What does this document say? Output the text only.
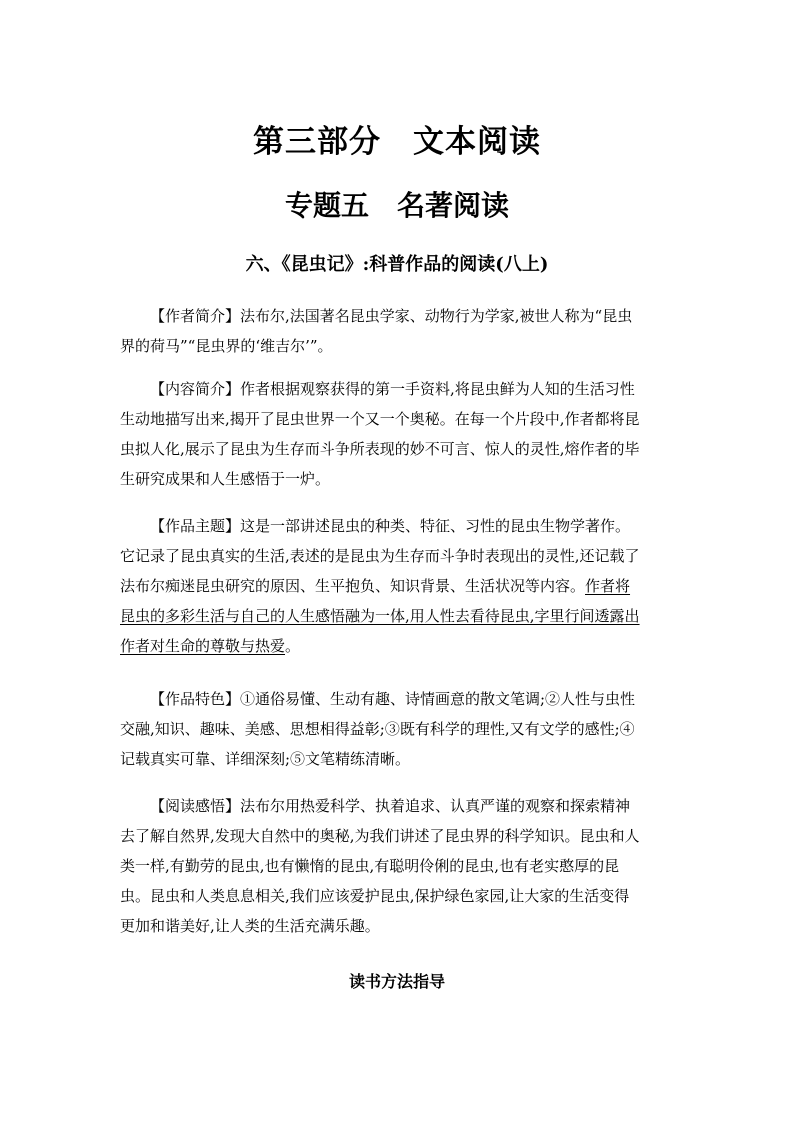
第三部分　文本阅读
专题五　名著阅读
六、《昆虫记》:科普作品的阅读(八上)
【作者简介】法布尔,法国著名昆虫学家、动物行为学家,被世人称为“昆虫
界的荷马”“昆虫界的‘维吉尔’”。
【内容简介】作者根据观察获得的第一手资料,将昆虫鲜为人知的生活习性
生动地描写出来,揭开了昆虫世界一个又一个奥秘。在每一个片段中,作者都将昆
虫拟人化,展示了昆虫为生存而斗争所表现的妙不可言、惊人的灵性,熔作者的毕
生研究成果和人生感悟于一炉。
【作品主题】这是一部讲述昆虫的种类、特征、习性的昆虫生物学著作。
它记录了昆虫真实的生活,表述的是昆虫为生存而斗争时表现出的灵性,还记载了
法布尔痴迷昆虫研究的原因、生平抱负、知识背景、生活状况等内容。作者将
昆虫的多彩生活与自己的人生感悟融为一体,用人性去看待昆虫,字里行间透露出
作者对生命的尊敬与热爱。
【作品特色】①通俗易懂、生动有趣、诗情画意的散文笔调;②人性与虫性
交融,知识、趣味、美感、思想相得益彰;③既有科学的理性,又有文学的感性;④
记载真实可靠、详细深刻;⑤文笔精练清晰。
【阅读感悟】法布尔用热爱科学、执着追求、认真严谨的观察和探索精神
去了解自然界,发现大自然中的奥秘,为我们讲述了昆虫界的科学知识。昆虫和人
类一样,有勤劳的昆虫,也有懒惰的昆虫,有聪明伶俐的昆虫,也有老实憨厚的昆
虫。昆虫和人类息息相关,我们应该爱护昆虫,保护绿色家园,让大家的生活变得
更加和谐美好,让人类的生活充满乐趣。
读书方法指导
